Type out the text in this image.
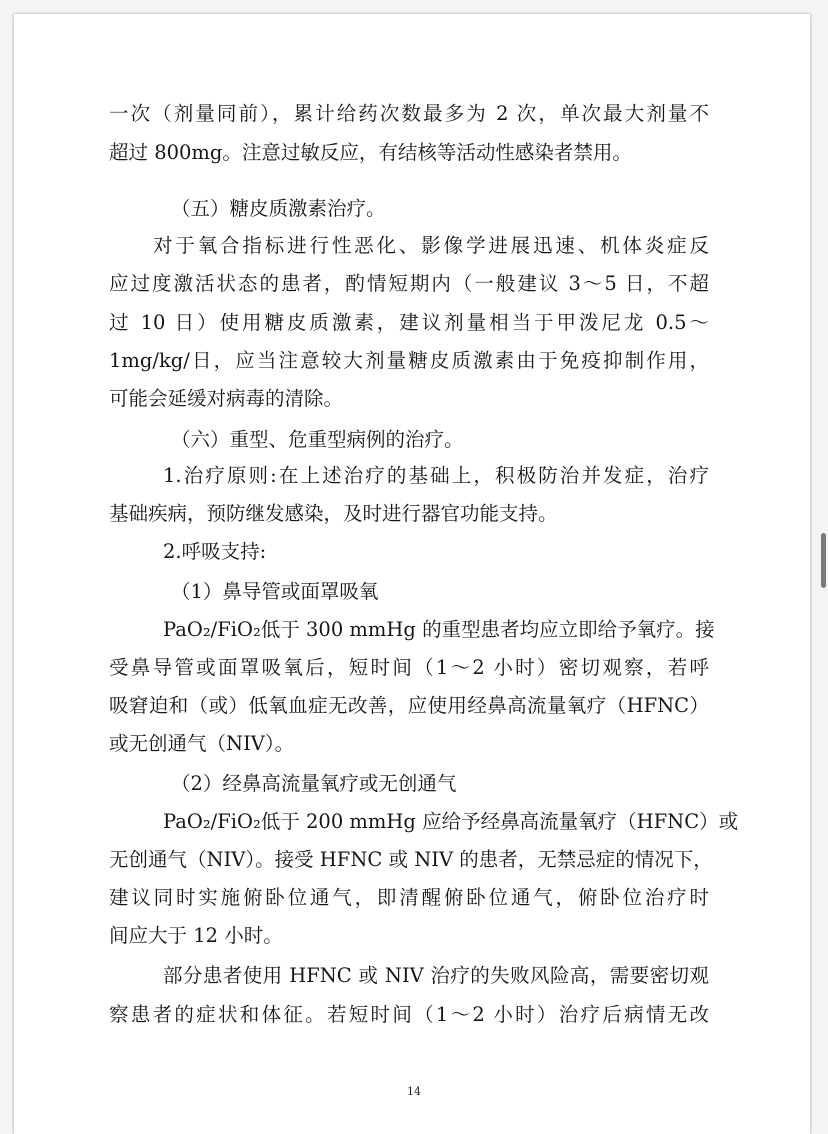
一次（剂量同前），累计给药次数最多为 2 次，单次最大剂量不
超过 800mg。注意过敏反应，有结核等活动性感染者禁用。
（五）糖皮质激素治疗。
对于氧合指标进行性恶化、影像学进展迅速、机体炎症反
应过度激活状态的患者，酌情短期内（一般建议 3～5 日，不超
过 10 日）使用糖皮质激素，建议剂量相当于甲泼尼龙 0.5～
1mg/kg/日，应当注意较大剂量糖皮质激素由于免疫抑制作用，
可能会延缓对病毒的清除。
（六）重型、危重型病例的治疗。
1.治疗原则:在上述治疗的基础上，积极防治并发症，治疗
基础疾病，预防继发感染，及时进行器官功能支持。
2.呼吸支持:
（1）鼻导管或面罩吸氧
PaO₂/FiO₂低于 300 mmHg 的重型患者均应立即给予氧疗。接
受鼻导管或面罩吸氧后，短时间（1～2 小时）密切观察，若呼
吸窘迫和（或）低氧血症无改善，应使用经鼻高流量氧疗（HFNC）
或无创通气（NIV）。
（2）经鼻高流量氧疗或无创通气
PaO₂/FiO₂低于 200 mmHg 应给予经鼻高流量氧疗（HFNC）或
无创通气（NIV）。接受 HFNC 或 NIV 的患者，无禁忌症的情况下，
建议同时实施俯卧位通气，即清醒俯卧位通气，俯卧位治疗时
间应大于 12 小时。
部分患者使用 HFNC 或 NIV 治疗的失败风险高，需要密切观
察患者的症状和体征。若短时间（1～2 小时）治疗后病情无改
14
